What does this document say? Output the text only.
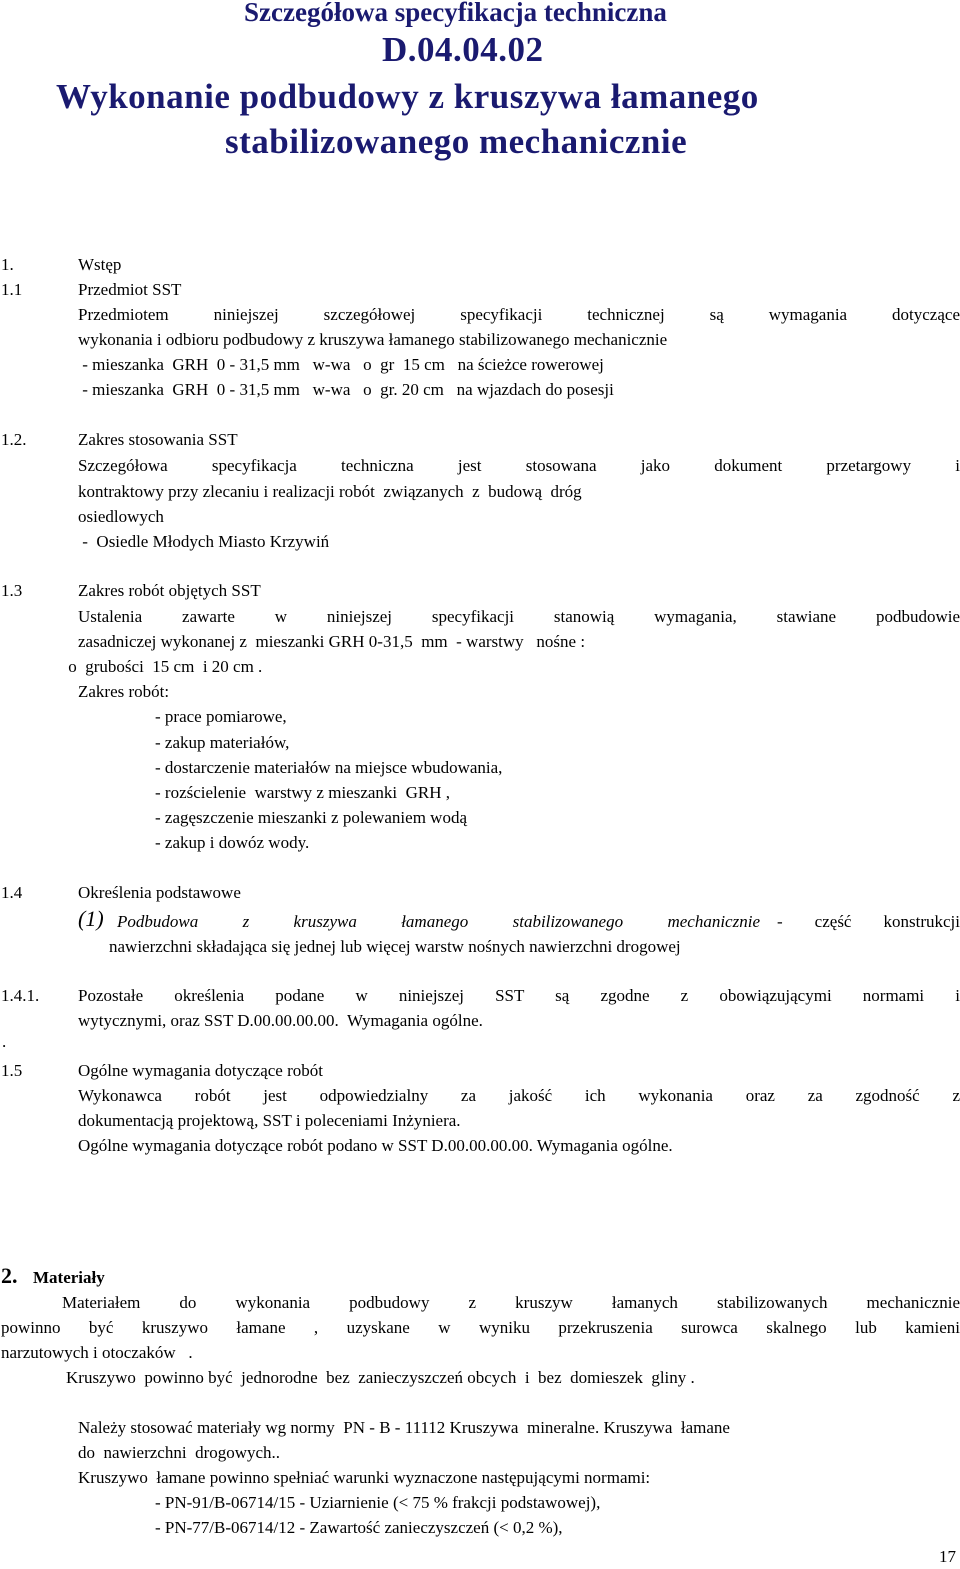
Szczegółowa specyfikacja techniczna
D.04.04.02
Wykonanie podbudowy z kruszywa łamanego
stabilizowanego mechanicznie
1.	Wstęp
1.1	Przedmiot SST
Przedmiotem niniejszej szczegółowej specyfikacji technicznej są wymagania dotyczące
wykonania i odbioru podbudowy z kruszywa łamanego stabilizowanego mechanicznie
- mieszanka  GRH  0 - 31,5 mm   w-wa   o  gr  15 cm   na ścieżce rowerowej
- mieszanka  GRH  0 - 31,5 mm   w-wa   o  gr. 20 cm   na wjazdach do posesji
1.2.	Zakres stosowania SST
Szczegółowa specyfikacja techniczna jest stosowana jako dokument przetargowy i
kontraktowy przy zlecaniu i realizacji robót  związanych  z  budową  dróg
osiedlowych
-  Osiedle Młodych Miasto Krzywiń
1.3	Zakres robót objętych SST
Ustalenia zawarte w niniejszej specyfikacji stanowią wymagania, stawiane podbudowie
zasadniczej wykonanej z  mieszanki GRH 0-31,5  mm  - warstwy   nośne :
o  grubości  15 cm  i 20 cm .
Zakres robót:
- prace pomiarowe,
- zakup materiałów,
- dostarczenie materiałów na miejsce wbudowania,
- rozścielenie  warstwy z mieszanki  GRH ,
- zagęszczenie mieszanki z polewaniem wodą
- zakup i dowóz wody.
1.4	Określenia podstawowe
(1) Podbudowa z kruszywa łamanego stabilizowanego mechanicznie - część konstrukcji
nawierzchni składająca się jednej lub więcej warstw nośnych nawierzchni drogowej
1.4.1. Pozostałe określenia podane w niniejszej SST są zgodne z obowiązującymi normami i
wytycznymi, oraz SST D.00.00.00.00.  Wymagania ogólne.
.
1.5	Ogólne wymagania dotyczące robót
Wykonawca robót jest odpowiedzialny za jakość ich wykonania oraz za zgodność z
dokumentacją projektową, SST i poleceniami Inżyniera.
Ogólne wymagania dotyczące robót podano w SST D.00.00.00.00. Wymagania ogólne.
2. Materiały
Materiałem do wykonania podbudowy z kruszyw łamanych stabilizowanych mechanicznie
powinno być kruszywo łamane , uzyskane w wyniku przekruszenia surowca skalnego lub kamieni
narzutowych i otoczaków   .
Kruszywo  powinno być  jednorodne  bez  zanieczyszczeń obcych  i  bez  domieszek  gliny .
Należy stosować materiały wg normy  PN - B - 11112 Kruszywa  mineralne. Kruszywa  łamane
do  nawierzchni  drogowych..
Kruszywo  łamane powinno spełniać warunki wyznaczone następującymi normami:
- PN-91/B-06714/15 - Uziarnienie (< 75 % frakcji podstawowej),
- PN-77/B-06714/12 - Zawartość zanieczyszczeń (< 0,2 %),
17
